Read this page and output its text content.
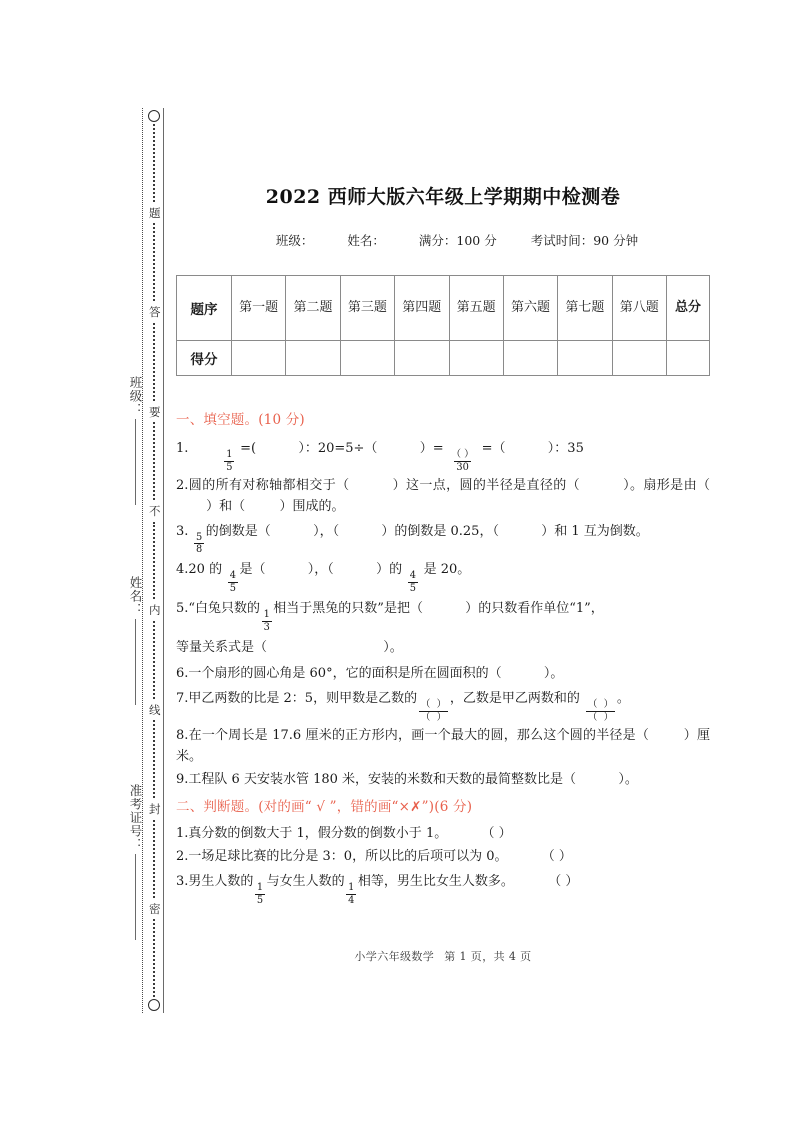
班级：
姓名：
准考证号：
题
答
要
不
内
线
封
密
2022 西师大版六年级上学期期中检测卷
班级：	姓名：	满分：100 分	考试时间：90 分钟
题序	第一题	第二题	第三题	第四题	第五题	第六题	第七题	第八题	总分
得分									
一、填空题。(10 分)
1.
$\frac{1}{5}$
=(	）：20=5÷（	）=
$\frac{( )}{30}$
=（	）：35
2.圆的所有对称轴都相交于（	）这一点，圆的半径是直径的（	）。扇形是由（  ）和（	）围成的。
3.
$\frac{5}{8}$
的倒数是（	），（	）的倒数是 0.25，（	）和 1 互为倒数。
4.20 的
$\frac{4}{5}$
是（	），（	）的
$\frac{4}{5}$
是 20。
5.“白兔只数的
$\frac{1}{3}$
相当于黑兔的只数”是把（	）的只数看作单位“1”，
等量关系式是（	）。
6.一个扇形的圆心角是 60°，它的面积是所在圆面积的（	）。
7.甲乙两数的比是 2：5，则甲数是乙数的
$\frac{( )}{( )}$
，乙数是甲乙两数和的
$\frac{( )}{( )}$
。
8.在一个周长是 17.6 厘米的正方形内，画一个最大的圆，那么这个圆的半径是（	）厘米。
9.工程队 6 天安装水管 180 米，安装的米数和天数的最简整数比是（	）。
二、判断题。(对的画“ √ ”，错的画“×✗”)(6 分)
1.真分数的倒数大于 1，假分数的倒数小于 1。	（ ）
2.一场足球比赛的比分是 3：0，所以比的后项可以为 0。	（ ）
3.男生人数的
$\frac{1}{5}$
与女生人数的
$\frac{1}{4}$
相等，男生比女生人数多。	（ ）
小学六年级数学 第 1 页，共 4 页
